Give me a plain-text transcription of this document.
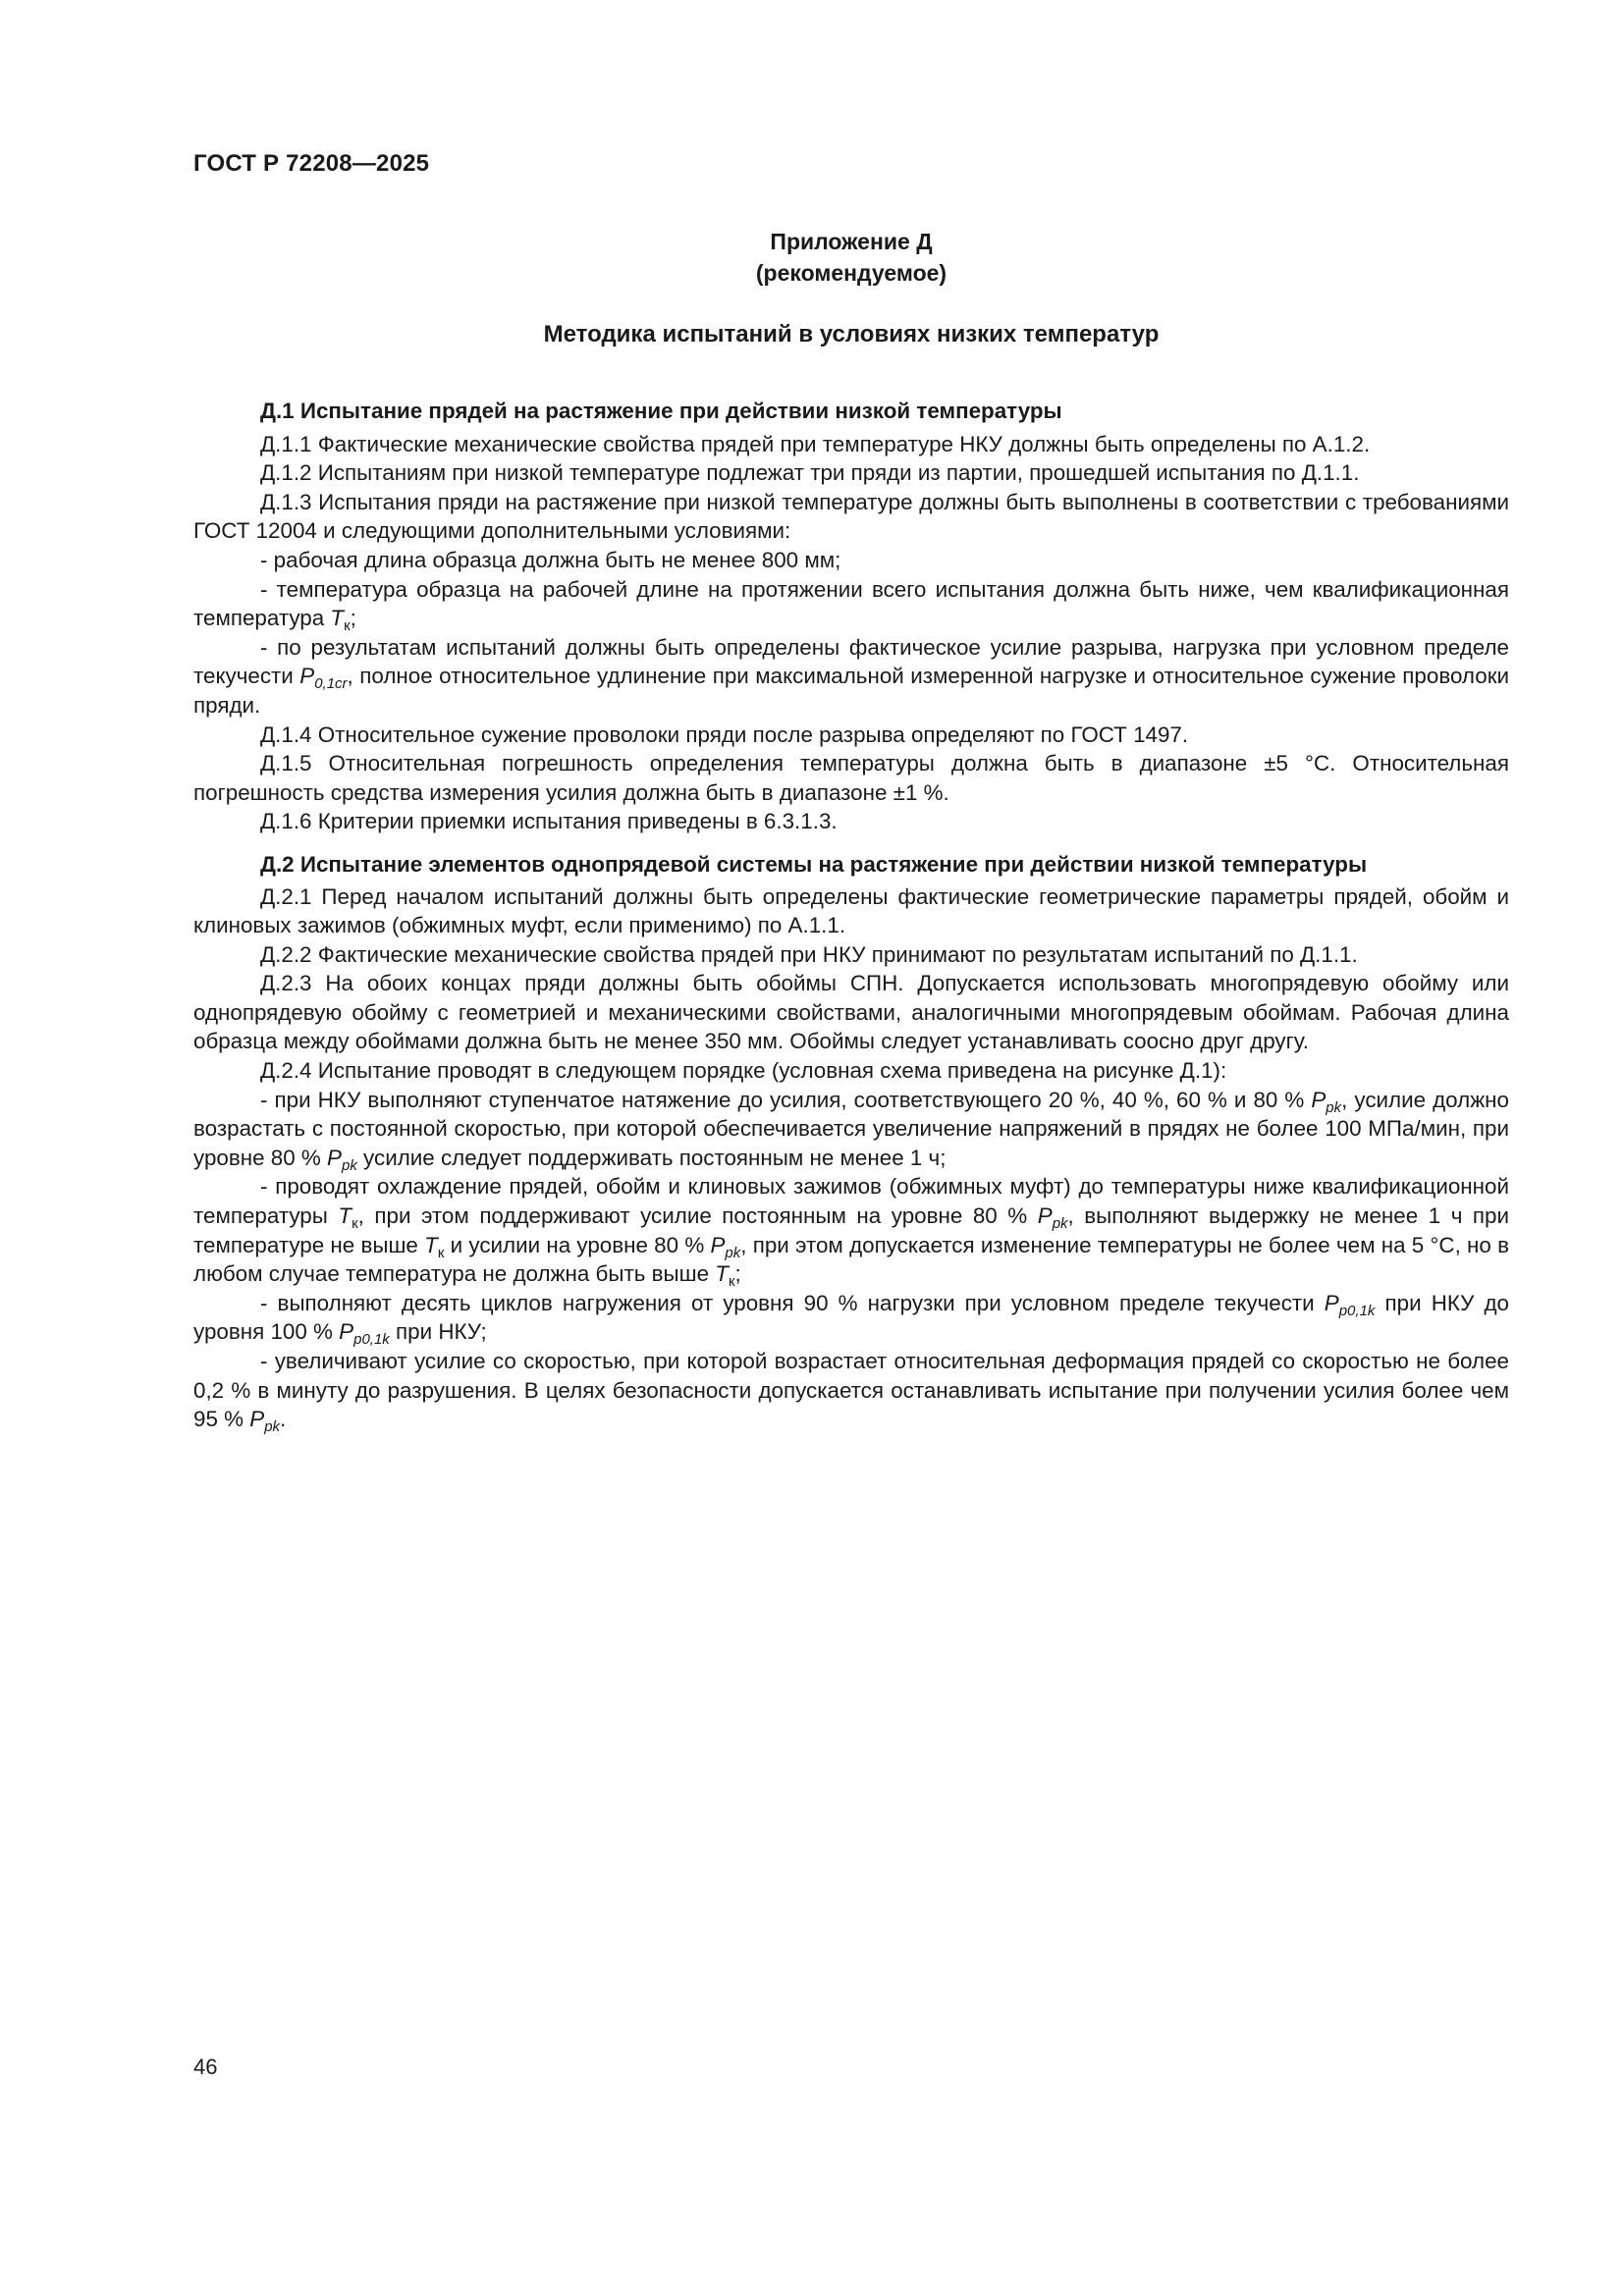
ГОСТ Р 72208—2025
Приложение Д
(рекомендуемое)
Методика испытаний в условиях низких температур

Д.1 Испытание прядей на растяжение при действии низкой температуры

Д.1.1 Фактические механические свойства прядей при температуре НКУ должны быть определены по А.1.2.

Д.1.2 Испытаниям при низкой температуре подлежат три пряди из партии, прошедшей испытания по Д.1.1.

Д.1.3 Испытания пряди на растяжение при низкой температуре должны быть выполнены в соответствии с требованиями ГОСТ 12004 и следующими дополнительными условиями:

- рабочая длина образца должна быть не менее 800 мм;

- температура образца на рабочей длине на протяжении всего испытания должна быть ниже, чем квалификационная температура $T_к$;

- по результатам испытаний должны быть определены фактическое усилие разрыва, нагрузка при условном пределе текучести $P_{0,1cr}$, полное относительное удлинение при максимальной измеренной нагрузке и относительное сужение проволоки пряди.

Д.1.4 Относительное сужение проволоки пряди после разрыва определяют по ГОСТ 1497.

Д.1.5 Относительная погрешность определения температуры должна быть в диапазоне ±5 °С. Относительная погрешность средства измерения усилия должна быть в диапазоне ±1 %.

Д.1.6 Критерии приемки испытания приведены в 6.3.1.3.

Д.2 Испытание элементов однопрядевой системы на растяжение при действии низкой температуры

Д.2.1 Перед началом испытаний должны быть определены фактические геометрические параметры прядей, обойм и клиновых зажимов (обжимных муфт, если применимо) по А.1.1.

Д.2.2 Фактические механические свойства прядей при НКУ принимают по результатам испытаний по Д.1.1.

Д.2.3 На обоих концах пряди должны быть обоймы СПН. Допускается использовать многопрядевую обойму или однопрядевую обойму с геометрией и механическими свойствами, аналогичными многопрядевым обоймам. Рабочая длина образца между обоймами должна быть не менее 350 мм. Обоймы следует устанавливать соосно друг другу.

Д.2.4 Испытание проводят в следующем порядке (условная схема приведена на рисунке Д.1):

- при НКУ выполняют ступенчатое натяжение до усилия, соответствующего 20 %, 40 %, 60 % и 80 % $P_{pk}$, усилие должно возрастать с постоянной скоростью, при которой обеспечивается увеличение напряжений в прядях не более 100 МПа/мин, при уровне 80 % $P_{pk}$ усилие следует поддерживать постоянным не менее 1 ч;

- проводят охлаждение прядей, обойм и клиновых зажимов (обжимных муфт) до температуры ниже квалификационной температуры $T_к$, при этом поддерживают усилие постоянным на уровне 80 % $P_{pk}$, выполняют выдержку не менее 1 ч при температуре не выше $T_к$ и усилии на уровне 80 % $P_{pk}$, при этом допускается изменение температуры не более чем на 5 °С, но в любом случае температура не должна быть выше $T_к$;

- выполняют десять циклов нагружения от уровня 90 % нагрузки при условном пределе текучести $P_{p0,1k}$ при НКУ до уровня 100 % $P_{p0,1k}$ при НКУ;

- увеличивают усилие со скоростью, при которой возрастает относительная деформация прядей со скоростью не более 0,2 % в минуту до разрушения. В целях безопасности допускается останавливать испытание при получении усилия более чем 95 % $P_{pk}$.

46
